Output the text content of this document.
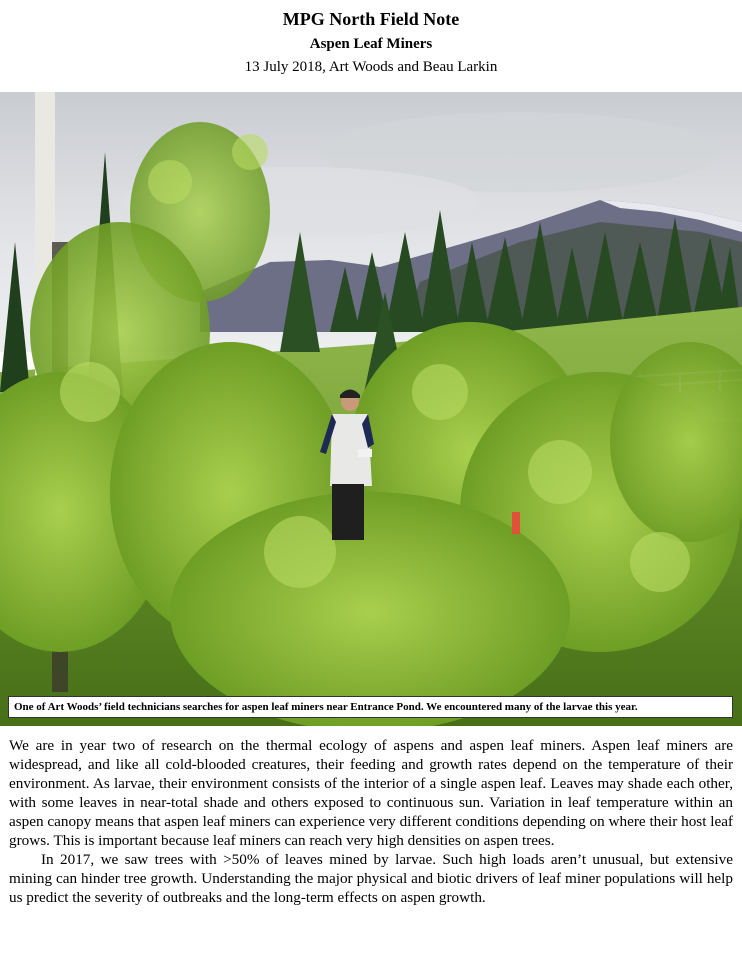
MPG North Field Note
Aspen Leaf Miners
13 July 2018, Art Woods and Beau Larkin
One of Art Woods’ field technicians searches for aspen leaf miners near Entrance Pond. We encountered many of the larvae this year.

We are in year two of research on the thermal ecology of aspens and aspen leaf miners. Aspen leaf miners are widespread, and like all cold-blooded creatures, their feeding and growth rates depend on the temperature of their environment. As larvae, their environment consists of the interior of a single aspen leaf. Leaves may shade each other, with some leaves in near-total shade and others exposed to continuous sun. Variation in leaf temperature within an aspen canopy means that aspen leaf miners can experience very different conditions depending on where their host leaf grows. This is important because leaf miners can reach very high densities on aspen trees.

In 2017, we saw trees with >50% of leaves mined by larvae. Such high loads aren’t unusual, but extensive mining can hinder tree growth. Understanding the major physical and biotic drivers of leaf miner populations will help us predict the severity of outbreaks and the long-term effects on aspen growth.
